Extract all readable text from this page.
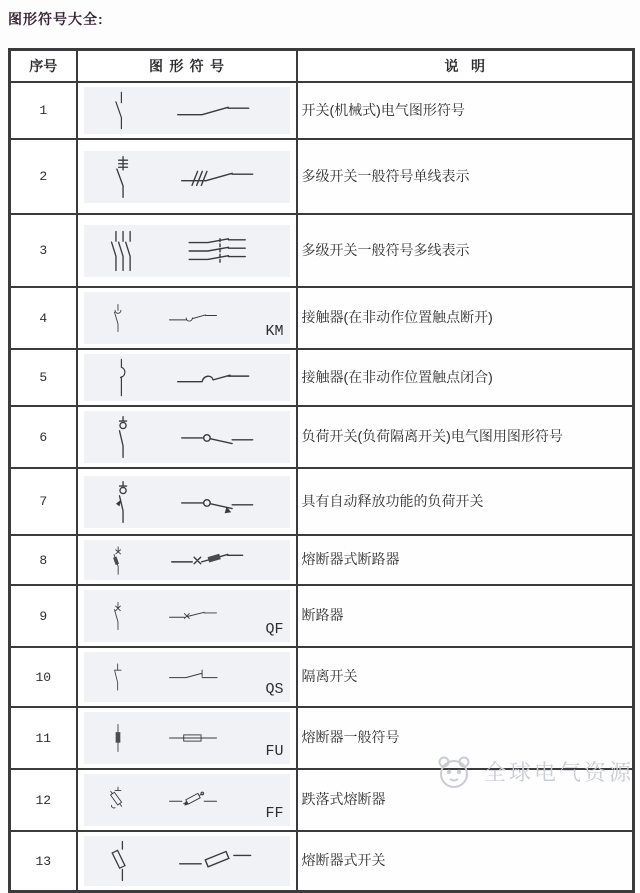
图形符号大全:
序号	图形符号	说明
1		开关(机械式)电气图形符号
2		多级开关一般符号单线表示
3		多级开关一般符号多线表示
4	KM	接触器(在非动作位置触点断开)
5		接触器(在非动作位置触点闭合)
6		负荷开关(负荷隔离开关)电气图用图形符号
7		具有自动释放功能的负荷开关
8		熔断器式断路器
9	QF	断路器
10	QS	隔离开关
11	FU	熔断器一般符号
12	FF	跌落式熔断器
13		熔断器式开关
全球电气资源
